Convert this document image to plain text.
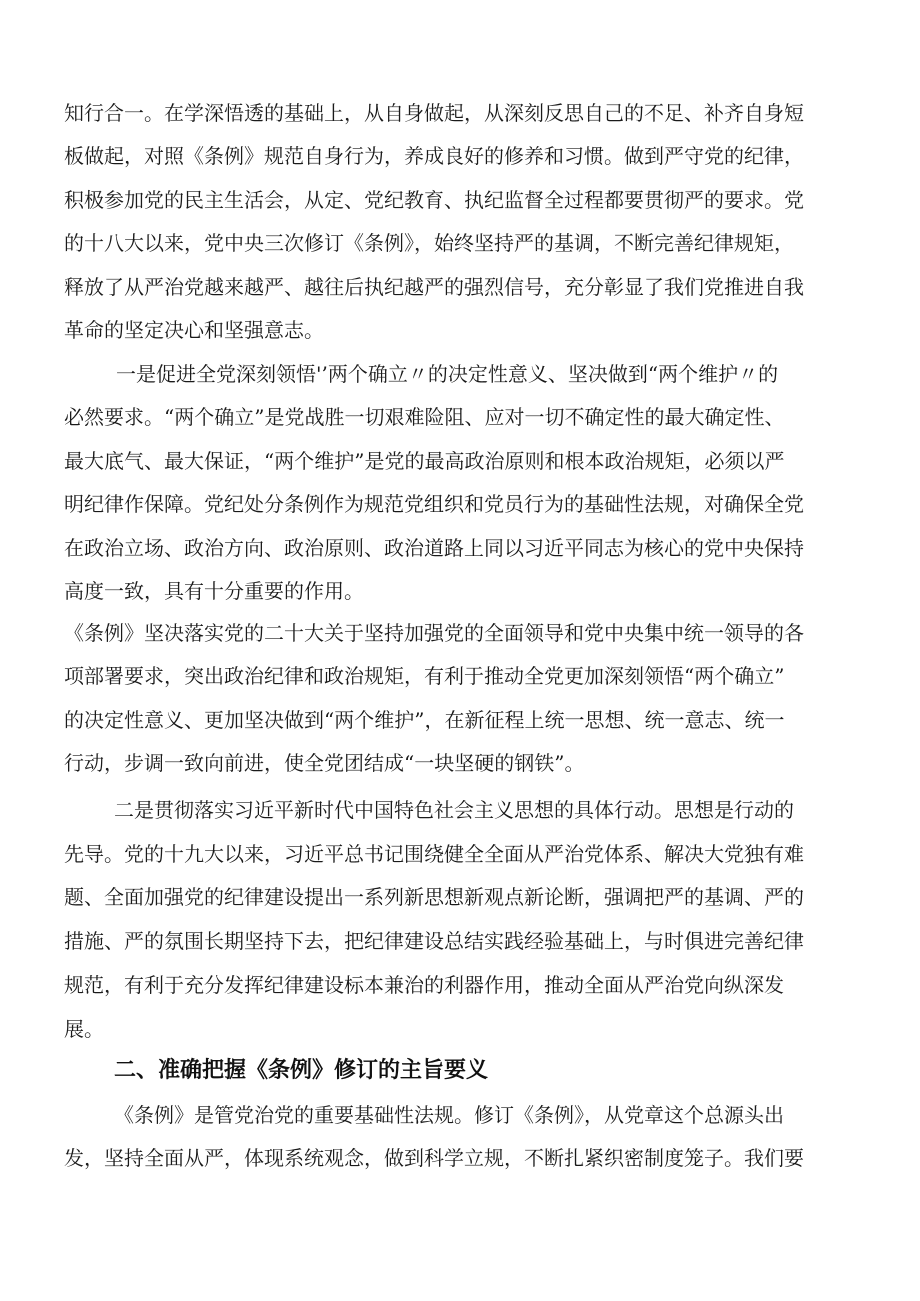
知行合一。在学深悟透的基础上，从自身做起，从深刻反思自己的不足、补齐自身短
板做起，对照《条例》规范自身行为，养成良好的修养和习惯。做到严守党的纪律，
积极参加党的民主生活会，从定、党纪教育、执纪监督全过程都要贯彻严的要求。党
的十八大以来，党中央三次修订《条例》，始终坚持严的基调，不断完善纪律规矩，
释放了从严治党越来越严、越往后执纪越严的强烈信号，充分彰显了我们党推进自我
革命的坚定决心和坚强意志。
一是促进全党深刻领悟'’两个确立〃的决定性意义、坚决做到“两个维护〃的
必然要求。“两个确立”是党战胜一切艰难险阻、应对一切不确定性的最大确定性、
最大底气、最大保证，“两个维护”是党的最高政治原则和根本政治规矩，必须以严
明纪律作保障。党纪处分条例作为规范党组织和党员行为的基础性法规，对确保全党
在政治立场、政治方向、政治原则、政治道路上同以习近平同志为核心的党中央保持
高度一致，具有十分重要的作用。
《条例》坚决落实党的二十大关于坚持加强党的全面领导和党中央集中统一领导的各
项部署要求，突出政治纪律和政治规矩，有利于推动全党更加深刻领悟“两个确立”
的决定性意义、更加坚决做到“两个维护”，在新征程上统一思想、统一意志、统一
行动，步调一致向前进，使全党团结成“一块坚硬的钢铁”。
二是贯彻落实习近平新时代中国特色社会主义思想的具体行动。思想是行动的
先导。党的十九大以来，习近平总书记围绕健全全面从严治党体系、解决大党独有难
题、全面加强党的纪律建设提出一系列新思想新观点新论断，强调把严的基调、严的
措施、严的氛围长期坚持下去，把纪律建设总结实践经验基础上，与时俱进完善纪律
规范，有利于充分发挥纪律建设标本兼治的利器作用，推动全面从严治党向纵深发
展。
二、准确把握《条例》修订的主旨要义
《条例》是管党治党的重要基础性法规。修订《条例》，从党章这个总源头出
发，坚持全面从严，体现系统观念，做到科学立规，不断扎紧织密制度笼子。我们要
